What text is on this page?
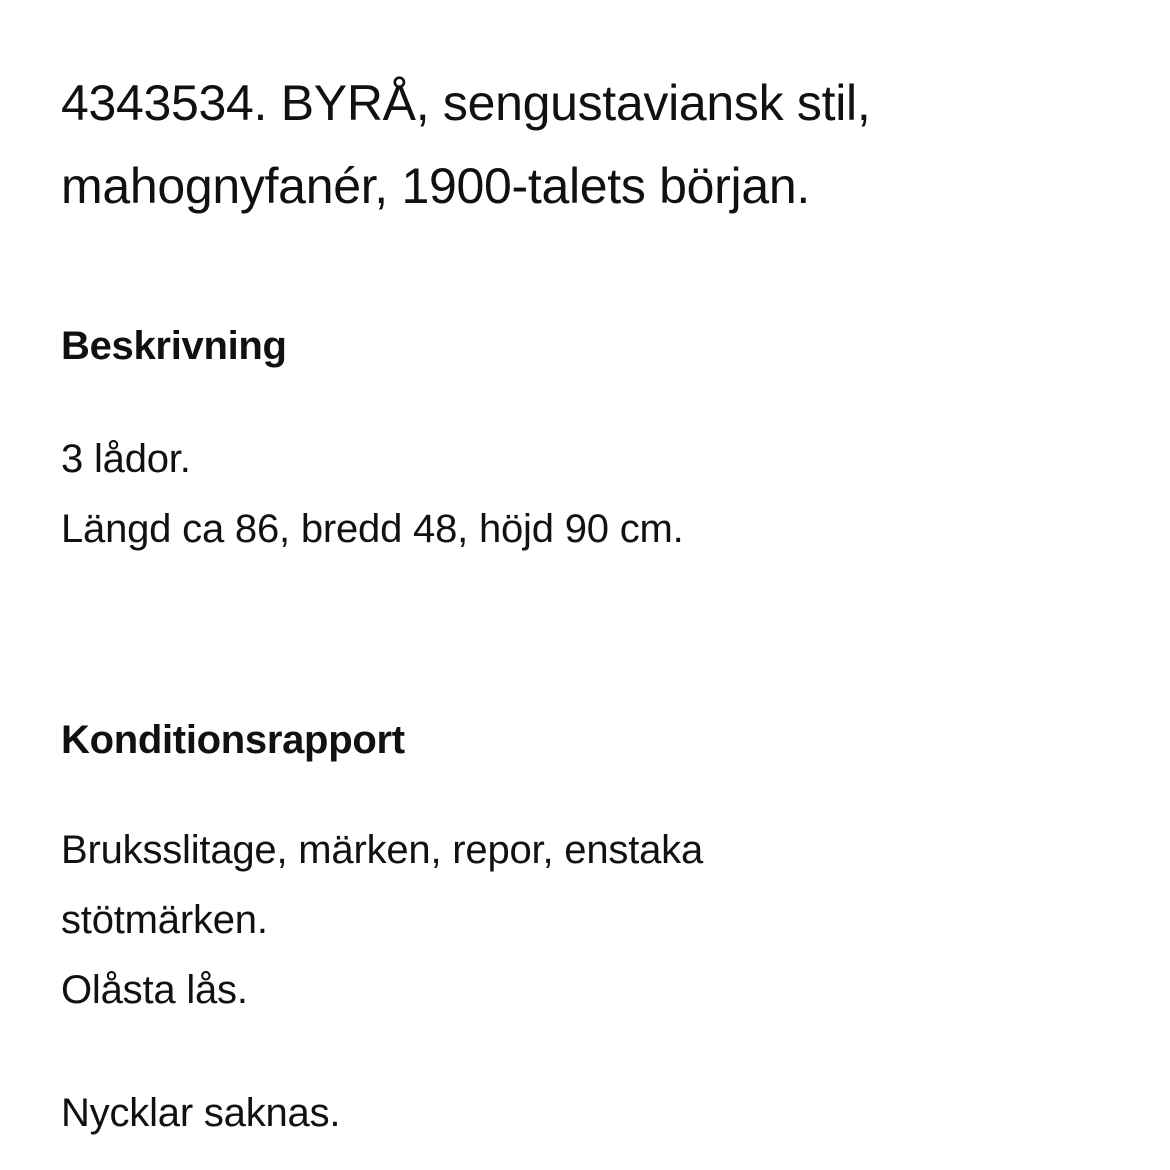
4343534. BYRÅ, sengustaviansk stil,
mahognyfanér, 1900-talets början.
Beskrivning

3 lådor.
Längd ca 86, bredd 48, höjd 90 cm.

Konditionsrapport

Bruksslitage, märken, repor, enstaka
stötmärken.
Olåsta lås.

Nycklar saknas.
